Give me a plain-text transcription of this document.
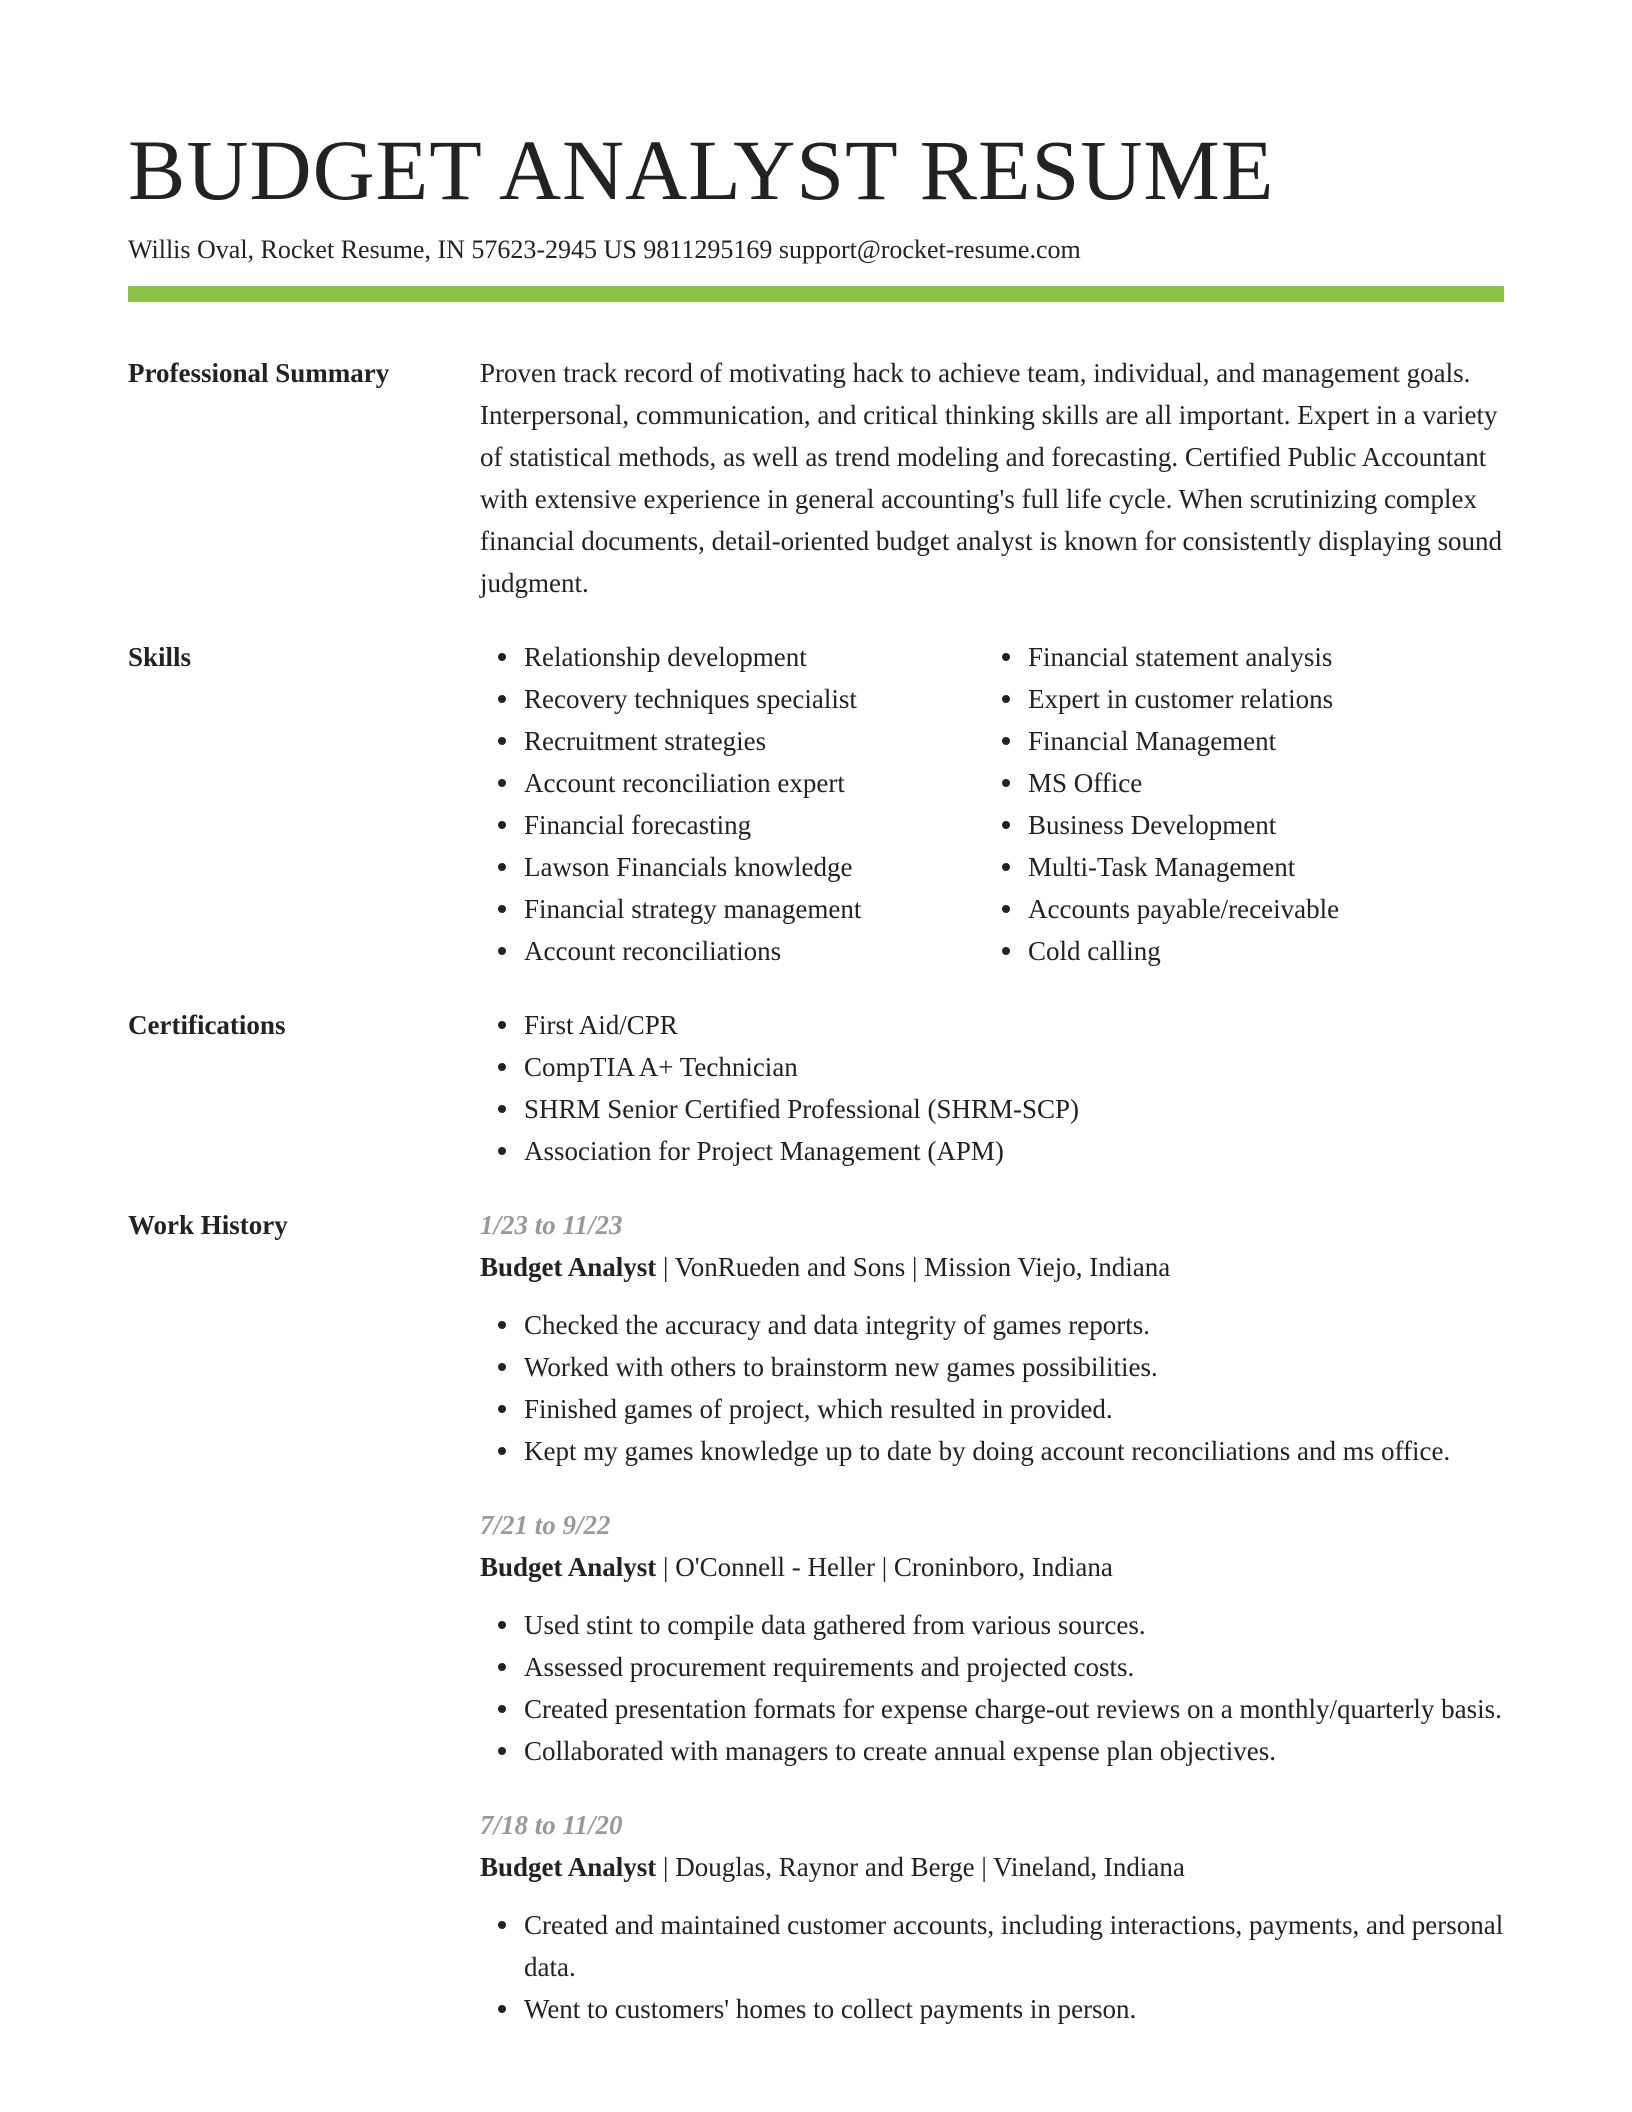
BUDGET ANALYST RESUME
Willis Oval, Rocket Resume, IN 57623-2945 US 9811295169 support@rocket-resume.com
Professional Summary	Proven track record of motivating hack to achieve team, individual, and management goals. Interpersonal, communication, and critical thinking skills are all important. Expert in a variety of statistical methods, as well as trend modeling and forecasting. Certified Public Accountant with extensive experience in general accounting's full life cycle. When scrutinizing complex financial documents, detail-oriented budget analyst is known for consistently displaying sound judgment.
Skills	Relationship development
Recovery techniques specialist
Recruitment strategies
Account reconciliation expert
Financial forecasting
Lawson Financials knowledge
Financial strategy management
Account reconciliations
Financial statement analysis
Expert in customer relations
Financial Management
MS Office
Business Development
Multi-Task Management
Accounts payable/receivable
Cold calling
Certifications	First Aid/CPR
CompTIA A+ Technician
SHRM Senior Certified Professional (SHRM-SCP)
Association for Project Management (APM)
Work History	1/23 to 11/23
Budget Analyst | VonRueden and Sons | Mission Viejo, Indiana
Checked the accuracy and data integrity of games reports.
Worked with others to brainstorm new games possibilities.
Finished games of project, which resulted in provided.
Kept my games knowledge up to date by doing account reconciliations and ms office.
7/21 to 9/22
Budget Analyst | O'Connell - Heller | Croninboro, Indiana
Used stint to compile data gathered from various sources.
Assessed procurement requirements and projected costs.
Created presentation formats for expense charge-out reviews on a monthly/quarterly basis.
Collaborated with managers to create annual expense plan objectives.
7/18 to 11/20
Budget Analyst | Douglas, Raynor and Berge | Vineland, Indiana
Created and maintained customer accounts, including interactions, payments, and personal data.
Went to customers' homes to collect payments in person.
